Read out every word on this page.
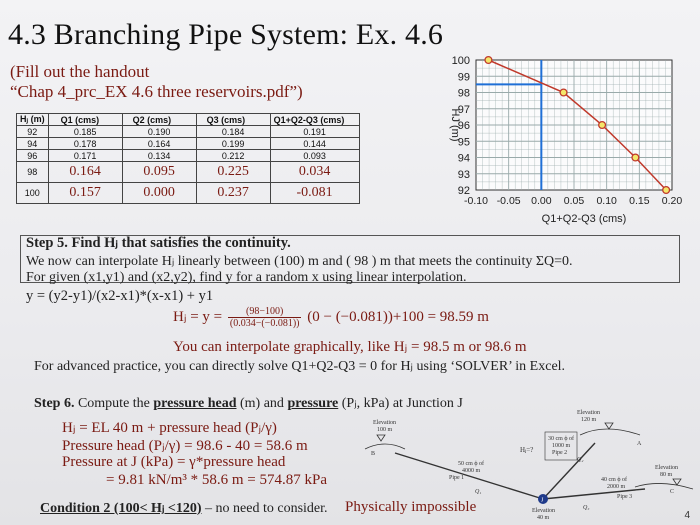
4.3 Branching Pipe System: Ex. 4.6
(Fill out the handout
“Chap 4_prc_EX 4.6 three reservoirs.pdf”)
Hⱼ (m)	Q1 (cms)	Q2 (cms)	Q3 (cms)	Q1+Q2-Q3 (cms)
92	0.185	0.190	0.184	0.191
94	0.178	0.164	0.199	0.144
96	0.171	0.134	0.212	0.093
98	0.164	0.095	0.225	0.034
100	0.157	0.000	0.237	-0.081
100
99
98
97
96
95
94
93
92
-0.10 -0.05 0.00 0.05 0.10 0.15 0.20
HJ (m)
Q1+Q2-Q3 (cms)
Step 5. Find Hⱼ that satisfies the continuity.
We now can interpolate Hⱼ linearly between (100) m and ( 98 ) m that meets the continuity ΣQ=0.
For given (x1,y1) and (x2,y2), find y for a random x using linear interpolation.
y = (y2-y1)/(x2-x1)*(x-x1) + y1
Hⱼ = $y = \frac{(98-100)}{(0.034-(-0.081))} (0 - (-0.081))+100 = 98.59$ m
You can interpolate graphically, like Hⱼ = 98.5 m or 98.6 m
For advanced practice, you can directly solve Q1+Q2-Q3 = 0 for Hⱼ using ‘SOLVER’ in Excel.
Step 6. Compute the pressure head (m) and pressure (Pⱼ, kPa) at Junction J
Hⱼ = EL 40 m + pressure head (Pⱼ/γ)
Pressure head (Pⱼ/γ) = 98.6 - 40 = 58.6 m
Pressure at J (kPa) = γ*pressure head
= 9.81 kN/m³ * 58.6 m = 574.87 kPa
Condition 2 (100< Hⱼ <120) – no need to consider. Physically impossible
Elevation
100 m
B
Elevation
120 m
A
Elevation
80 m
C
50 cm ϕ of
4000 m
Pipe 1
Q₁
Hⱼ=?
30 cm ϕ of
1000 m
Pipe 2
Q₂
40 cm ϕ of
2000 m
Pipe 3
Q₃
J
Elevation
40 m	4
